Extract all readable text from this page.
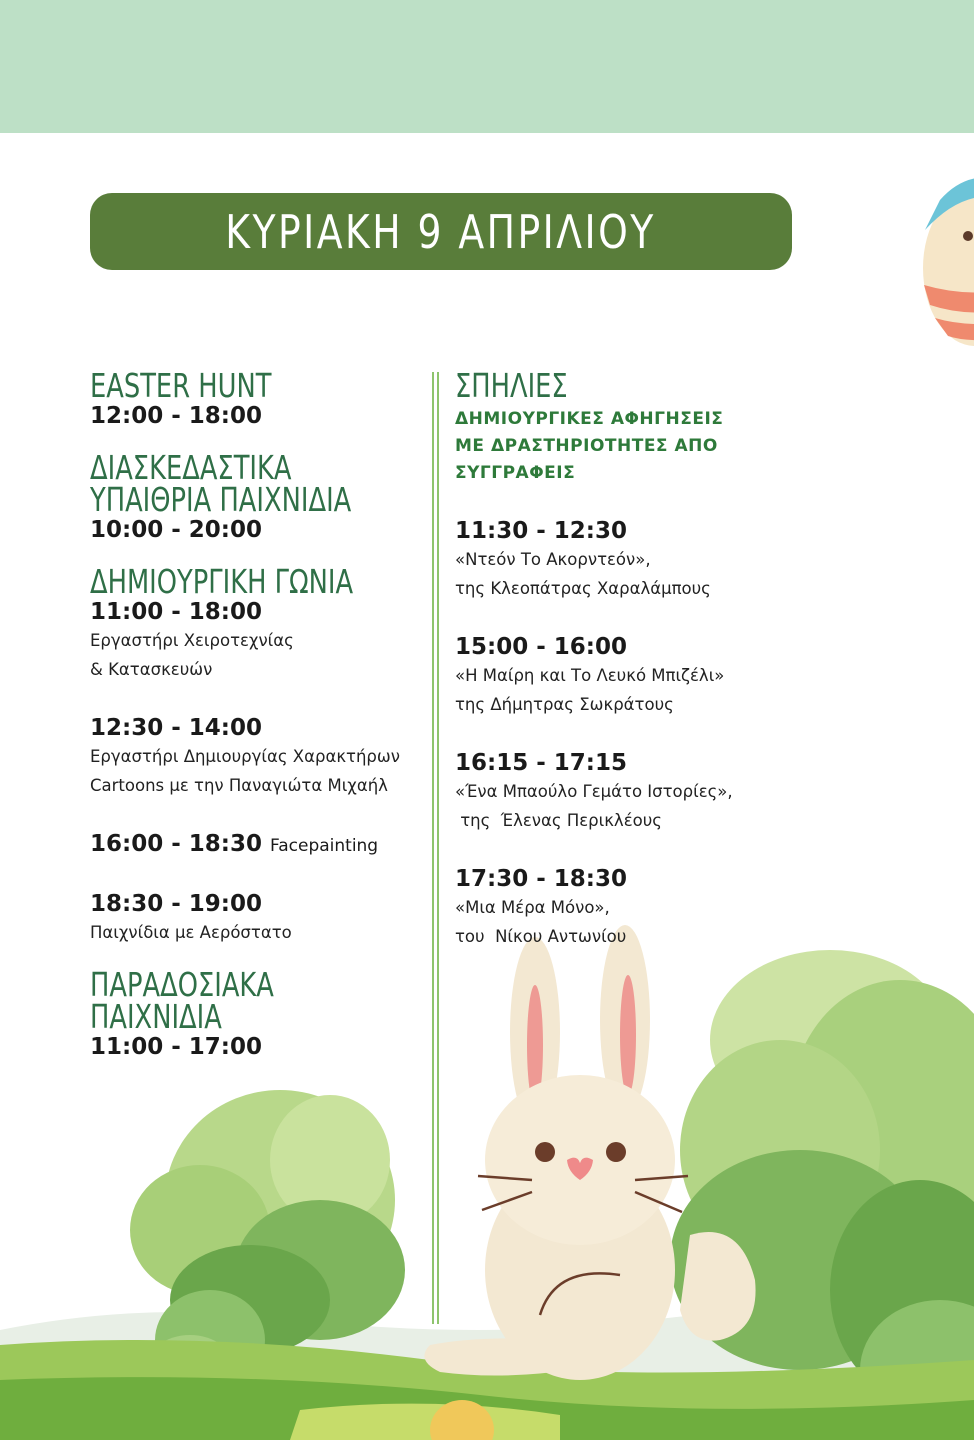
ΚΥΡΙΑΚΗ 9 ΑΠΡΙΛΙΟΥ

EASTER HUNT

12:00 - 18:00

ΔΙΑΣΚΕΔΑΣΤΙΚΑ

ΥΠΑΙΘΡΙΑ ΠΑΙΧΝΙΔΙΑ

10:00 - 20:00

ΔΗΜΙΟΥΡΓΙΚΗ ΓΩΝΙΑ

11:00 - 18:00

Εργαστήρι Χειροτεχνίας

& Κατασκευών

12:30 - 14:00

Εργαστήρι Δημιουργίας Χαρακτήρων

Cartoons με την Παναγιώτα Μιχαήλ

16:00 - 18:30 Facepainting

18:30 - 19:00

Παιχνίδια με Αερόστατο

ΠΑΡΑΔΟΣΙΑΚΑ

ΠΑΙΧΝΙΔΙΑ

11:00 - 17:00

ΣΠΗΛΙΕΣ

ΔΗΜΙΟΥΡΓΙΚΕΣ ΑΦΗΓΗΣΕΙΣ

ΜΕ ΔΡΑΣΤΗΡΙΟΤΗΤΕΣ ΑΠΟ

ΣΥΓΓΡΑΦΕΙΣ

11:30 - 12:30

«Ντεόν Το Ακορντεόν»,

της Κλεοπάτρας Χαραλάμπους

15:00 - 16:00

«Η Μαίρη και Το Λευκό Μπιζέλι»

της Δήμητρας Σωκράτους

16:15 - 17:15

«Ένα Μπαούλο Γεμάτο Ιστορίες»,

της  Έλενας Περικλέους

17:30 - 18:30

«Μια Μέρα Μόνο»,

του  Νίκου Αντωνίου
